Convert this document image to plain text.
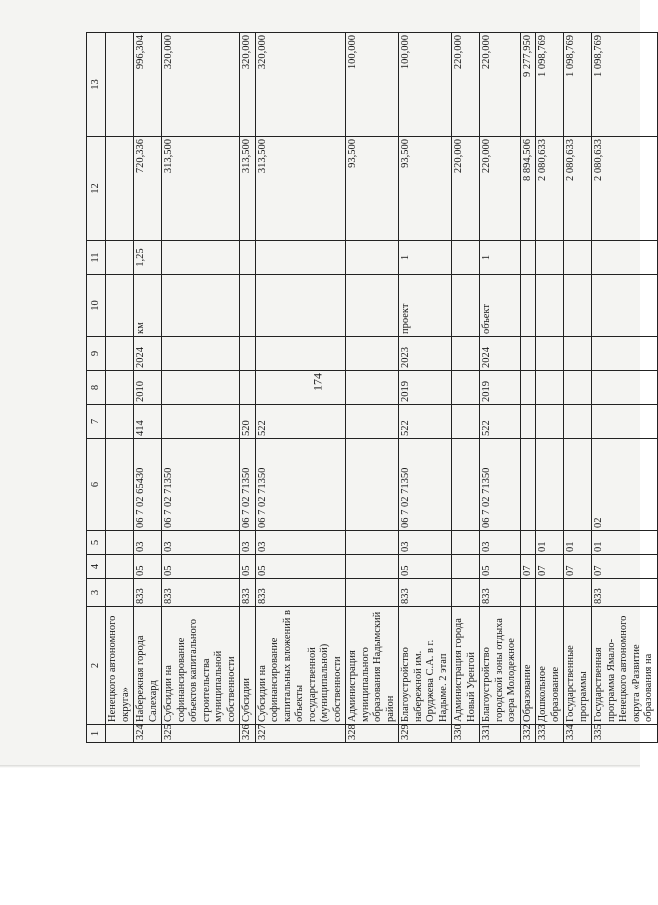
174
1	2	3	4	5	6	7	8	9	10	11	12	13
	Ненецкого автономного округа»											
324	Набережная города Салехард	833	05	03	06 7 02 65430	414	2010	2024	км	1,25	720,336	996,304
325	Субсидии на софинансирование объектов капитального строительства муниципальной собственности	833	05	03	06 7 02 71350						313,500	320,000
326	Субсидии	833	05	03	06 7 02 71350	520					313,500	320,000
327	Субсидии на софинансирование капитальных вложений в объекты государственной (муниципальной) собственности	833	05	03	06 7 02 71350	522					313,500	320,000
328	Администрация муниципального образования Надымский район										93,500	100,000
329	Благоустройство набережной им. Оруджева С.А. в г. Надыме. 2 этап	833	05	03	06 7 02 71350	522	2019	2023	проект	1	93,500	100,000
330	Администрация города Новый Уренгой										220,000	220,000
331	Благоустройство городской зоны отдыха озера Молодежное	833	05	03	06 7 02 71350	522	2019	2024	объект	1	220,000	220,000
332	Образование		07								8 894,506	9 277,950
333	Дошкольное образование		07	01							2 080,633	1 098,769
334	Государственные программы		07	01							2 080,633	1 098,769
335	Государственная программа Ямало-Ненецкого автономного округа «Развитие образования на	833	07	01	02						2 080,633	1 098,769
